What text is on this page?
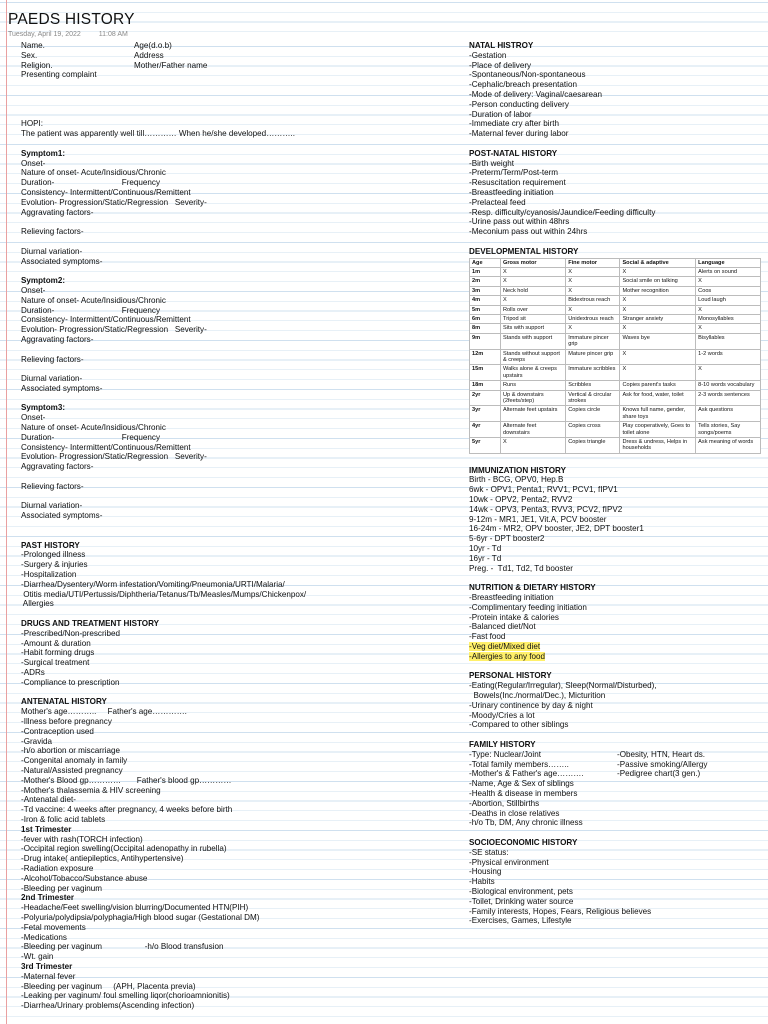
PAEDS HISTORY
Tuesday, April 19, 2022	11:08 AM
Name.	Age(d.o.b)
Sex.	Address
Religion.	Mother/Father name
Presenting complaint
HOPI:
The patient was apparently well till………… When he/she developed………..
Symptom1:
Onset-
Nature of onset- Acute/Insidious/Chronic
Duration-                              Frequency
Consistency- Intermittent/Continuous/Remittent
Evolution- Progression/Static/Regression   Severity-
Aggravating factors-
Relieving factors-
Diurnal variation-
Associated symptoms-
Symptom2:
Onset-
Nature of onset- Acute/Insidious/Chronic
Duration-                              Frequency
Consistency- Intermittent/Continuous/Remittent
Evolution- Progression/Static/Regression   Severity-
Aggravating factors-
Relieving factors-
Diurnal variation-
Associated symptoms-
Symptom3:
Onset-
Nature of onset- Acute/Insidious/Chronic
Duration-                              Frequency
Consistency- Intermittent/Continuous/Remittent
Evolution- Progression/Static/Regression   Severity-
Aggravating factors-
Relieving factors-
Diurnal variation-
Associated symptoms-
PAST HISTORY
-Prolonged illness
-Surgery & injuries
-Hospitalization
-Diarrhea/Dysentery/Worm infestation/Vomiting/Pneumonia/URTI/Malaria/
Otitis media/UTI/Pertussis/Diphtheria/Tetanus/Tb/Measles/Mumps/Chickenpox/
Allergies
DRUGS AND TREATMENT HISTORY
-Prescribed/Non-prescribed
-Amount & duration
-Habit forming drugs
-Surgical treatment
-ADRs
-Compliance to prescription
ANTENATAL HISTORY
Mother's age………..     Father's age………….
-Illness before pregnancy
-Contraception used
-Gravida
-h/o abortion or miscarriage
-Congenital anomaly in family
-Natural/Assisted pregnancy
-Mother's Blood gp…………       Father's blood gp…………
-Mother's thalassemia & HIV screening
-Antenatal diet-
-Td vaccine: 4 weeks after pregnancy, 4 weeks before birth
-Iron & folic acid tablets
1st Trimester
-fever with rash(TORCH infection)
-Occipital region swelling(Occipital adenopathy in rubella)
-Drug intake( antiepileptics, Antihypertensive)
-Radiation exposure
-Alcohol/Tobacco/Substance abuse
-Bleeding per vaginum
2nd Trimester
-Headache/Feet swelling/vision blurring/Documented HTN(PIH)
-Polyuria/polydipsia/polyphagia/High blood sugar (Gestational DM)
-Fetal movements
-Medications
-Bleeding per vaginum                   -h/o Blood transfusion
-Wt. gain
3rd Trimester
-Maternal fever
-Bleeding per vaginum     (APH, Placenta previa)
-Leaking per vaginum/ foul smelling liqor(chorioamnionitis)
-Diarrhea/Urinary problems(Ascending infection)
NATAL HISTROY
-Gestation
-Place of delivery
-Spontaneous/Non-spontaneous
-Cephalic/breach presentation
-Mode of delivery: Vaginal/caesarean
-Person conducting delivery
-Duration of labor
-Immediate cry after birth
-Maternal fever during labor
POST-NATAL HISTORY
-Birth weight
-Preterm/Term/Post-term
-Resuscitation requirement
-Breastfeeding initiation
-Prelacteal feed
-Resp. difficulty/cyanosis/Jaundice/Feeding difficulty
-Urine pass out within 48hrs
-Meconium pass out within 24hrs
DEVELOPMENTAL HISTORY
Age	Gross motor	Fine motor	Social & adaptive	Language
1m	X	X	X	Alerts on sound
2m	X	X	Social smile on talking	X
3m	Neck hold	X	Mother recognition	Coos
4m	X	Bidextrous reach	X	Loud laugh
5m	Rolls over	X	X	X
6m	Tripod sit	Unidextrous reach	Stranger anxiety	Monosyllables
8m	Sits with support	X	X	X
9m	Stands with support	Immature pincer grip	Waves bye	Bisyllables
12m	Stands without support & creeps	Mature pincer grip	X	1-2 words
15m	Walks alone & creeps upstairs	Immature scribbles	X	X
18m	Runs	Scribbles	Copies parent's tasks	8-10 words vocabulary
2yr	Up & downstairs (2feets/step)	Vertical & circular strokes	Ask for food, water, toilet	2-3 words sentences
3yr	Alternate feet upstairs	Copies circle	Knows full name, gender, share toys	Ask questions
4yr	Alternate feet downstairs	Copies cross	Play cooperatively, Goes to toilet alone	Tells stories, Say songs/poems
5yr	X	Copies triangle	Dress & undress, Helps in households	Ask meaning of words
IMMUNIZATION HISTORY
Birth - BCG, OPV0, Hep.B
6wk - OPV1, Penta1, RVV1, PCV1, fIPV1
10wk - OPV2, Penta2, RVV2
14wk - OPV3, Penta3, RVV3, PCV2, fIPV2
9-12m - MR1, JE1, Vit.A, PCV booster
16-24m - MR2, OPV booster, JE2, DPT booster1
5-6yr - DPT booster2
10yr - Td
16yr - Td
Preg. -  Td1, Td2, Td booster
NUTRITION & DIETARY HISTORY
-Breastfeeding initiation
-Complimentary feeding initiation
-Protein intake & calories
-Balanced diet/Not
-Fast food
-Veg diet/Mixed diet
-Allergies to any food
PERSONAL HISTORY
-Eating(Regular/Irregular), Sleep(Normal/Disturbed),
Bowels(Inc./normal/Dec.), Micturition
-Urinary continence by day & night
-Moody/Cries a lot
-Compared to other siblings
FAMILY HISTORY
-Type: Nuclear/Joint	-Obesity, HTN, Heart ds.
-Total family members……..	-Passive smoking/Allergy
-Mother's & Father's age……….	-Pedigree chart(3 gen.)
-Name, Age & Sex of siblings
-Health & disease in members
-Abortion, Stillbirths
-Deaths in close relatives
-h/o Tb, DM, Any chronic illness
SOCIOECONOMIC HISTORY
-SE status:
-Physical environment
-Housing
-Habits
-Biological environment, pets
-Toilet, Drinking water source
-Family interests, Hopes, Fears, Religious believes
-Exercises, Games, Lifestyle
